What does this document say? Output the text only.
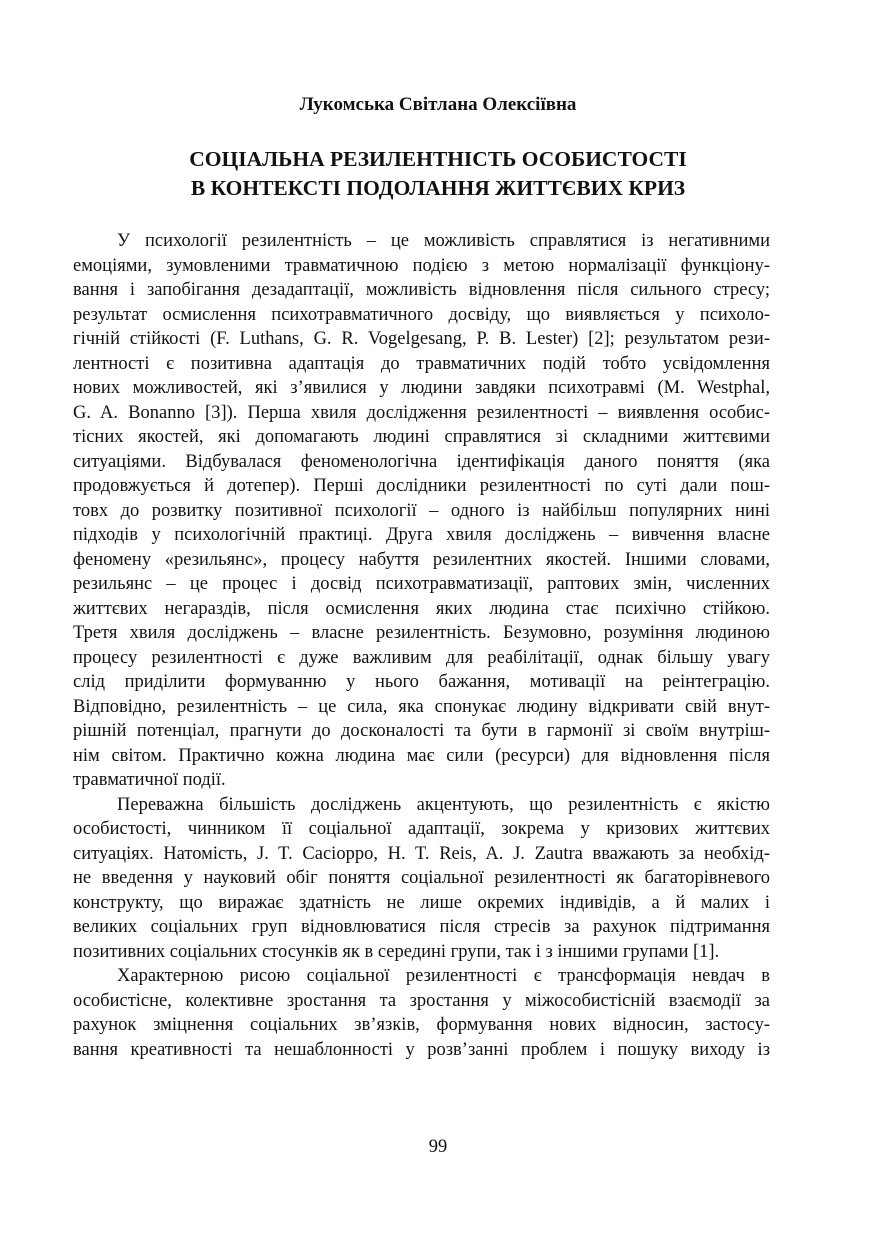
Лукомська Світлана Олексіївна
СОЦІАЛЬНА РЕЗИЛЕНТНІСТЬ ОСОБИСТОСТІ
В КОНТЕКСТІ ПОДОЛАННЯ ЖИТТЄВИХ КРИЗ
У психології резилентність – це можливість справлятися із негативними
емоціями, зумовленими травматичною подією з метою нормалізації функціону-
вання і запобігання дезадаптації, можливість відновлення після сильного стресу;
результат осмислення психотравматичного досвіду, що виявляється у психоло-
гічній стійкості (F. Luthans, G. R. Vogelgesang, P. B. Lester) [2]; результатом рези-
лентності є позитивна адаптація до травматичних подій тобто усвідомлення
нових можливостей, які з’явилися у людини завдяки психотравмі (M. Westphal,
G. A. Bonanno [3]). Перша хвиля дослідження резилентності – виявлення особис-
тісних якостей, які допомагають людині справлятися зі складними життєвими
ситуаціями. Відбувалася феноменологічна ідентифікація даного поняття (яка
продовжується й дотепер). Перші дослідники резилентності по суті дали пош-
товх до розвитку позитивної психології – одного із найбільш популярних нині
підходів у психологічній практиці. Друга хвиля досліджень – вивчення власне
феномену «резильянс», процесу набуття резилентних якостей. Іншими словами,
резильянс – це процес і досвід психотравматизації, раптових змін, численних
життєвих негараздів, після осмислення яких людина стає психічно стійкою.
Третя хвиля досліджень – власне резилентність. Безумовно, розуміння людиною
процесу резилентності є дуже важливим для реабілітації, однак більшу увагу
слід приділити формуванню у нього бажання, мотивації на реінтеграцію.
Відповідно, резилентність – це сила, яка спонукає людину відкривати свій внут-
рішній потенціал, прагнути до досконалості та бути в гармонії зі своїм внутріш-
нім світом. Практично кожна людина має сили (ресурси) для відновлення після
травматичної події.
Переважна більшість досліджень акцентують, що резилентність є якістю
особистості, чинником її соціальної адаптації, зокрема у кризових життєвих
ситуаціях. Натомість, J. T. Cacioppo, H. T. Reis, A. J. Zautra вважають за необхід-
не введення у науковий обіг поняття соціальної резилентності як багаторівневого
конструкту, що виражає здатність не лише окремих індивідів, а й малих і
великих соціальних груп відновлюватися після стресів за рахунок підтримання
позитивних соціальних стосунків як в середині групи, так і з іншими групами [1].
Характерною рисою соціальної резилентності є трансформація невдач в
особистісне, колективне зростання та зростання у міжособистісній взаємодії за
рахунок зміцнення соціальних зв’язків, формування нових відносин, застосу-
вання креативності та нешаблонності у розв’занні проблем і пошуку виходу із
99
